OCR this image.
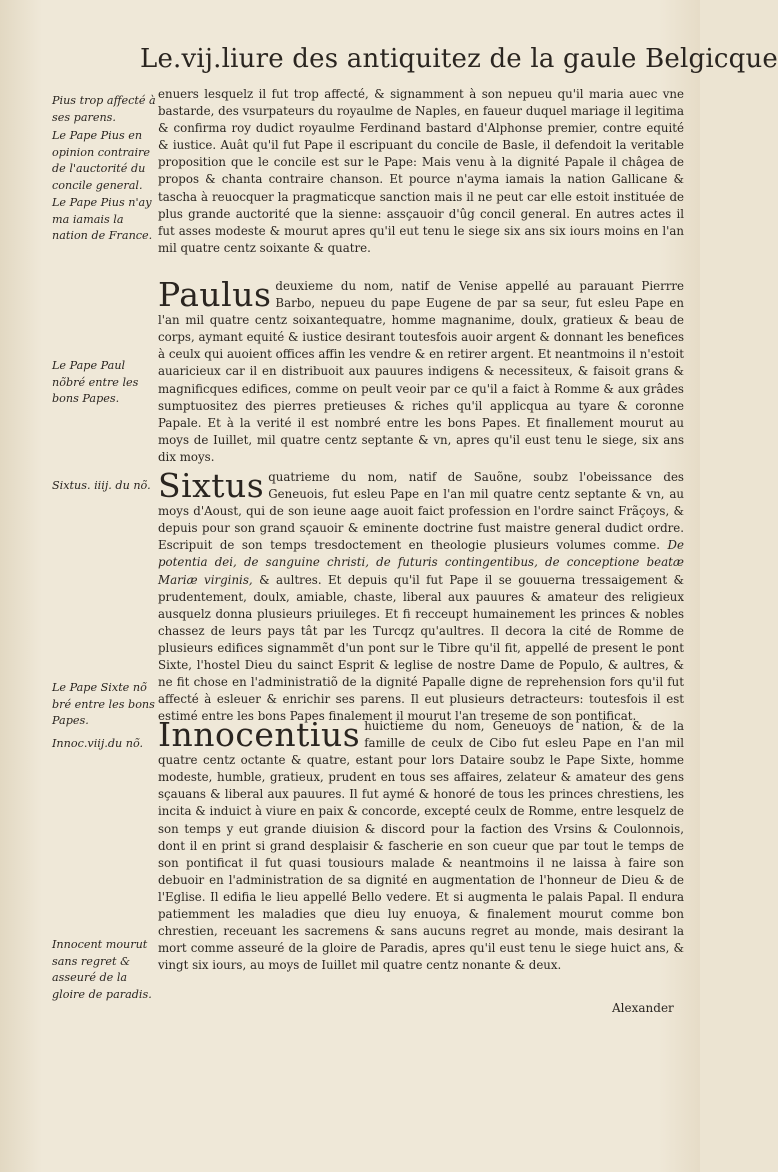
Le.vij.liure des antiquitez de la gaule Belgicque
Pius trop affecté à ses parens.
Le Pape Pius en opinion contraire de l'auctorité du concile general.
Le Pape Pius n'ay ma iamais la nation de France.
Le Pape Paul nõbré entre les bons Papes.
Sixtus. iiij. du nõ.
Le Pape Sixte nõ bré entre les bons Papes.
Innoc.viij.du nõ.
Innocent mourut sans regret & asseuré de la gloire de paradis.

enuers lesquelz il fut trop affecté, & signamment à son nepueu qu'il maria auec vne bastarde, des vsurpateurs du royaulme de Naples, en faueur duquel mariage il legitima & confirma roy dudict royaulme Ferdinand bastard d'Alphonse premier, contre equité & iustice. Auât qu'il fut Pape il escripuant du concile de Basle, il defendoit la veritable proposition que le concile est sur le Pape: Mais venu à la dignité Papale il châgea de propos & chanta contraire chanson. Et pource n'ayma iamais la nation Gallicane & tascha à reuocquer la pragmaticque sanction mais il ne peut car elle estoit instituée de plus grande auctorité que la sienne: assçauoir d'ûg concil general. En autres actes il fut asses modeste & mourut apres qu'il eut tenu le siege six ans six iours moins en l'an mil quatre centz soixante & quatre.

Paulus deuxieme du nom, natif de Venise appellé au parauant Pierrre Barbo, nepueu du pape Eugene de par sa seur, fut esleu Pape en l'an mil quatre centz soixantequatre, homme magnanime, doulx, gratieux & beau de corps, aymant equité & iustice desirant toutesfois auoir argent & donnant les benefices à ceulx qui auoient offices affin les vendre & en retirer argent. Et neantmoins il n'estoit auaricieux car il en distribuoit aux pauures indigens & necessiteux, & faisoit grans & magnificques edifices, comme on peult veoir par ce qu'il a faict à Romme & aux grâdes sumptuositez des pierres pretieuses & riches qu'il applicqua au tyare & coronne Papale. Et à la verité il est nombré entre les bons Papes. Et finallement mourut au moys de Iuillet, mil quatre centz septante & vn, apres qu'il eust tenu le siege, six ans dix moys.

Sixtus quatrieme du nom, natif de Sauõne, soubz l'obeissance des Geneuois, fut esleu Pape en l'an mil quatre centz septante & vn, au moys d'Aoust, qui de son ieune aage auoit faict profession en l'ordre sainct Frãçoys, & depuis pour son grand sçauoir & eminente doctrine fust maistre general dudict ordre. Escripuit de son temps tresdoctement en theologie plusieurs volumes comme. De potentia dei, de sanguine christi, de futuris contingentibus, de conceptione beatæ Mariæ virginis, & aultres. Et depuis qu'il fut Pape il se gouuerna tressaigement & prudentement, doulx, amiable, chaste, liberal aux pauures & amateur des religieux ausquelz donna plusieurs priuileges. Et fi recceupt humainement les princes & nobles chassez de leurs pays tât par les Turcqz qu'aultres. Il decora la cité de Romme de plusieurs edifices signammẽt d'un pont sur le Tibre qu'il fit, appellé de present le pont Sixte, l'hostel Dieu du sainct Esprit & leglise de nostre Dame de Populo, & aultres, & ne fit chose en l'administratiõ de la dignité Papalle digne de reprehension fors qu'il fut affecté à esleuer & enrichir ses parens. Il eut plusieurs detracteurs: toutesfois il est estimé entre les bons Papes finalement il mourut l'an treseme de son pontificat.

Innocentius huictieme du nom, Geneuoys de nation, & de la famille de ceulx de Cibo fut esleu Pape en l'an mil quatre centz octante & quatre, estant pour lors Dataire soubz le Pape Sixte, homme modeste, humble, gratieux, prudent en tous ses affaires, zelateur & amateur des gens sçauans & liberal aux pauures. Il fut aymé & honoré de tous les princes chrestiens, les incita & induict à viure en paix & concorde, excepté ceulx de Romme, entre lesquelz de son temps y eut grande diuision & discord pour la faction des Vrsins & Coulonnois, dont il en print si grand desplaisir & fascherie en son cueur que par tout le temps de son pontificat il fut quasi tousiours malade & neantmoins il ne laissa à faire son debuoir en l'administration de sa dignité en augmentation de l'honneur de Dieu & de l'Eglise. Il edifia le lieu appellé Bello vedere. Et si augmenta le palais Papal. Il endura patiemment les maladies que dieu luy enuoya, & finalement mourut comme bon chrestien, receuant les sacremens & sans aucuns regret au monde, mais desirant la mort comme asseuré de la gloire de Paradis, apres qu'il eust tenu le siege huict ans, & vingt six iours, au moys de Iuillet mil quatre centz nonante & deux.

Alexander
